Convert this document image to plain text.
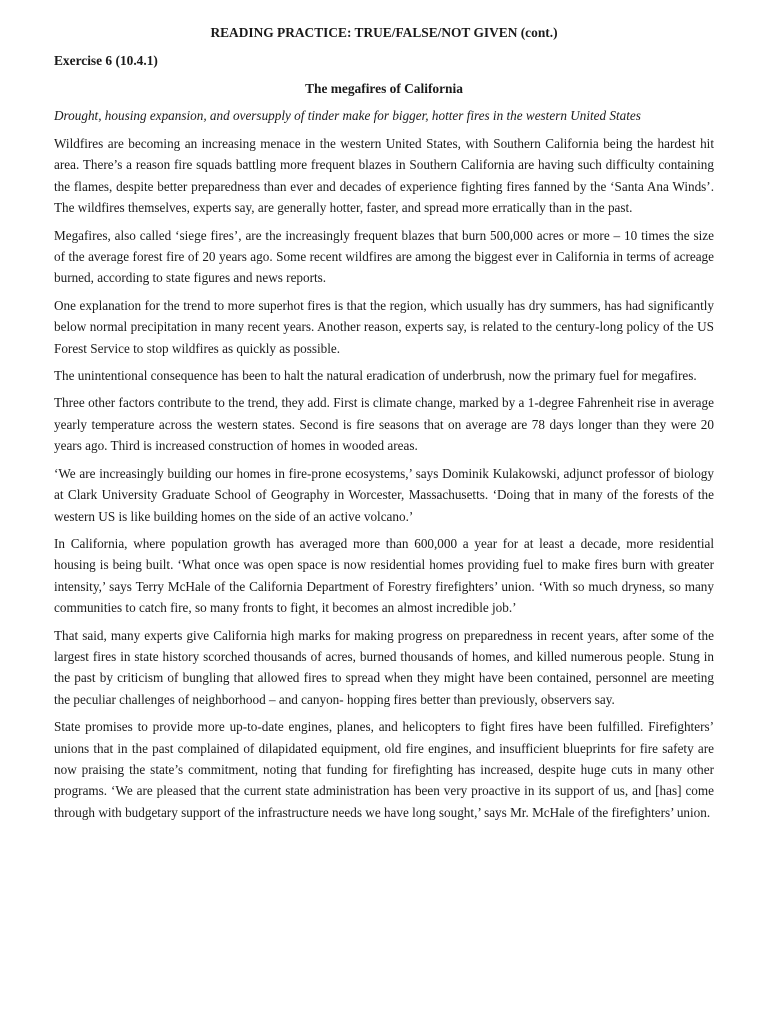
READING PRACTICE: TRUE/FALSE/NOT GIVEN (cont.)
Exercise 6 (10.4.1)
The megafires of California
Drought, housing expansion, and oversupply of tinder make for bigger, hotter fires in the western United States

Wildfires are becoming an increasing menace in the western United States, with Southern California being the hardest hit area. There’s a reason fire squads battling more frequent blazes in Southern California are having such difficulty containing the flames, despite better preparedness than ever and decades of experience fighting fires fanned by the ‘Santa Ana Winds’. The wildfires themselves, experts say, are generally hotter, faster, and spread more erratically than in the past.

Megafires, also called ‘siege fires’, are the increasingly frequent blazes that burn 500,000 acres or more – 10 times the size of the average forest fire of 20 years ago. Some recent wildfires are among the biggest ever in California in terms of acreage burned, according to state figures and news reports.

One explanation for the trend to more superhot fires is that the region, which usually has dry summers, has had significantly below normal precipitation in many recent years. Another reason, experts say, is related to the century-long policy of the US Forest Service to stop wildfires as quickly as possible.

The unintentional consequence has been to halt the natural eradication of underbrush, now the primary fuel for megafires.

Three other factors contribute to the trend, they add. First is climate change, marked by a 1-degree Fahrenheit rise in average yearly temperature across the western states. Second is fire seasons that on average are 78 days longer than they were 20 years ago. Third is increased construction of homes in wooded areas.

‘We are increasingly building our homes in fire-prone ecosystems,’ says Dominik Kulakowski, adjunct professor of biology at Clark University Graduate School of Geography in Worcester, Massachusetts. ‘Doing that in many of the forests of the western US is like building homes on the side of an active volcano.’

In California, where population growth has averaged more than 600,000 a year for at least a decade, more residential housing is being built. ‘What once was open space is now residential homes providing fuel to make fires burn with greater intensity,’ says Terry McHale of the California Department of Forestry firefighters’ union. ‘With so much dryness, so many communities to catch fire, so many fronts to fight, it becomes an almost incredible job.’

That said, many experts give California high marks for making progress on preparedness in recent years, after some of the largest fires in state history scorched thousands of acres, burned thousands of homes, and killed numerous people. Stung in the past by criticism of bungling that allowed fires to spread when they might have been contained, personnel are meeting the peculiar challenges of neighborhood – and canyon- hopping fires better than previously, observers say.

State promises to provide more up-to-date engines, planes, and helicopters to fight fires have been fulfilled. Firefighters’ unions that in the past complained of dilapidated equipment, old fire engines, and insufficient blueprints for fire safety are now praising the state’s commitment, noting that funding for firefighting has increased, despite huge cuts in many other programs. ‘We are pleased that the current state administration has been very proactive in its support of us, and [has] come through with budgetary support of the infrastructure needs we have long sought,’ says Mr. McHale of the firefighters’ union.
